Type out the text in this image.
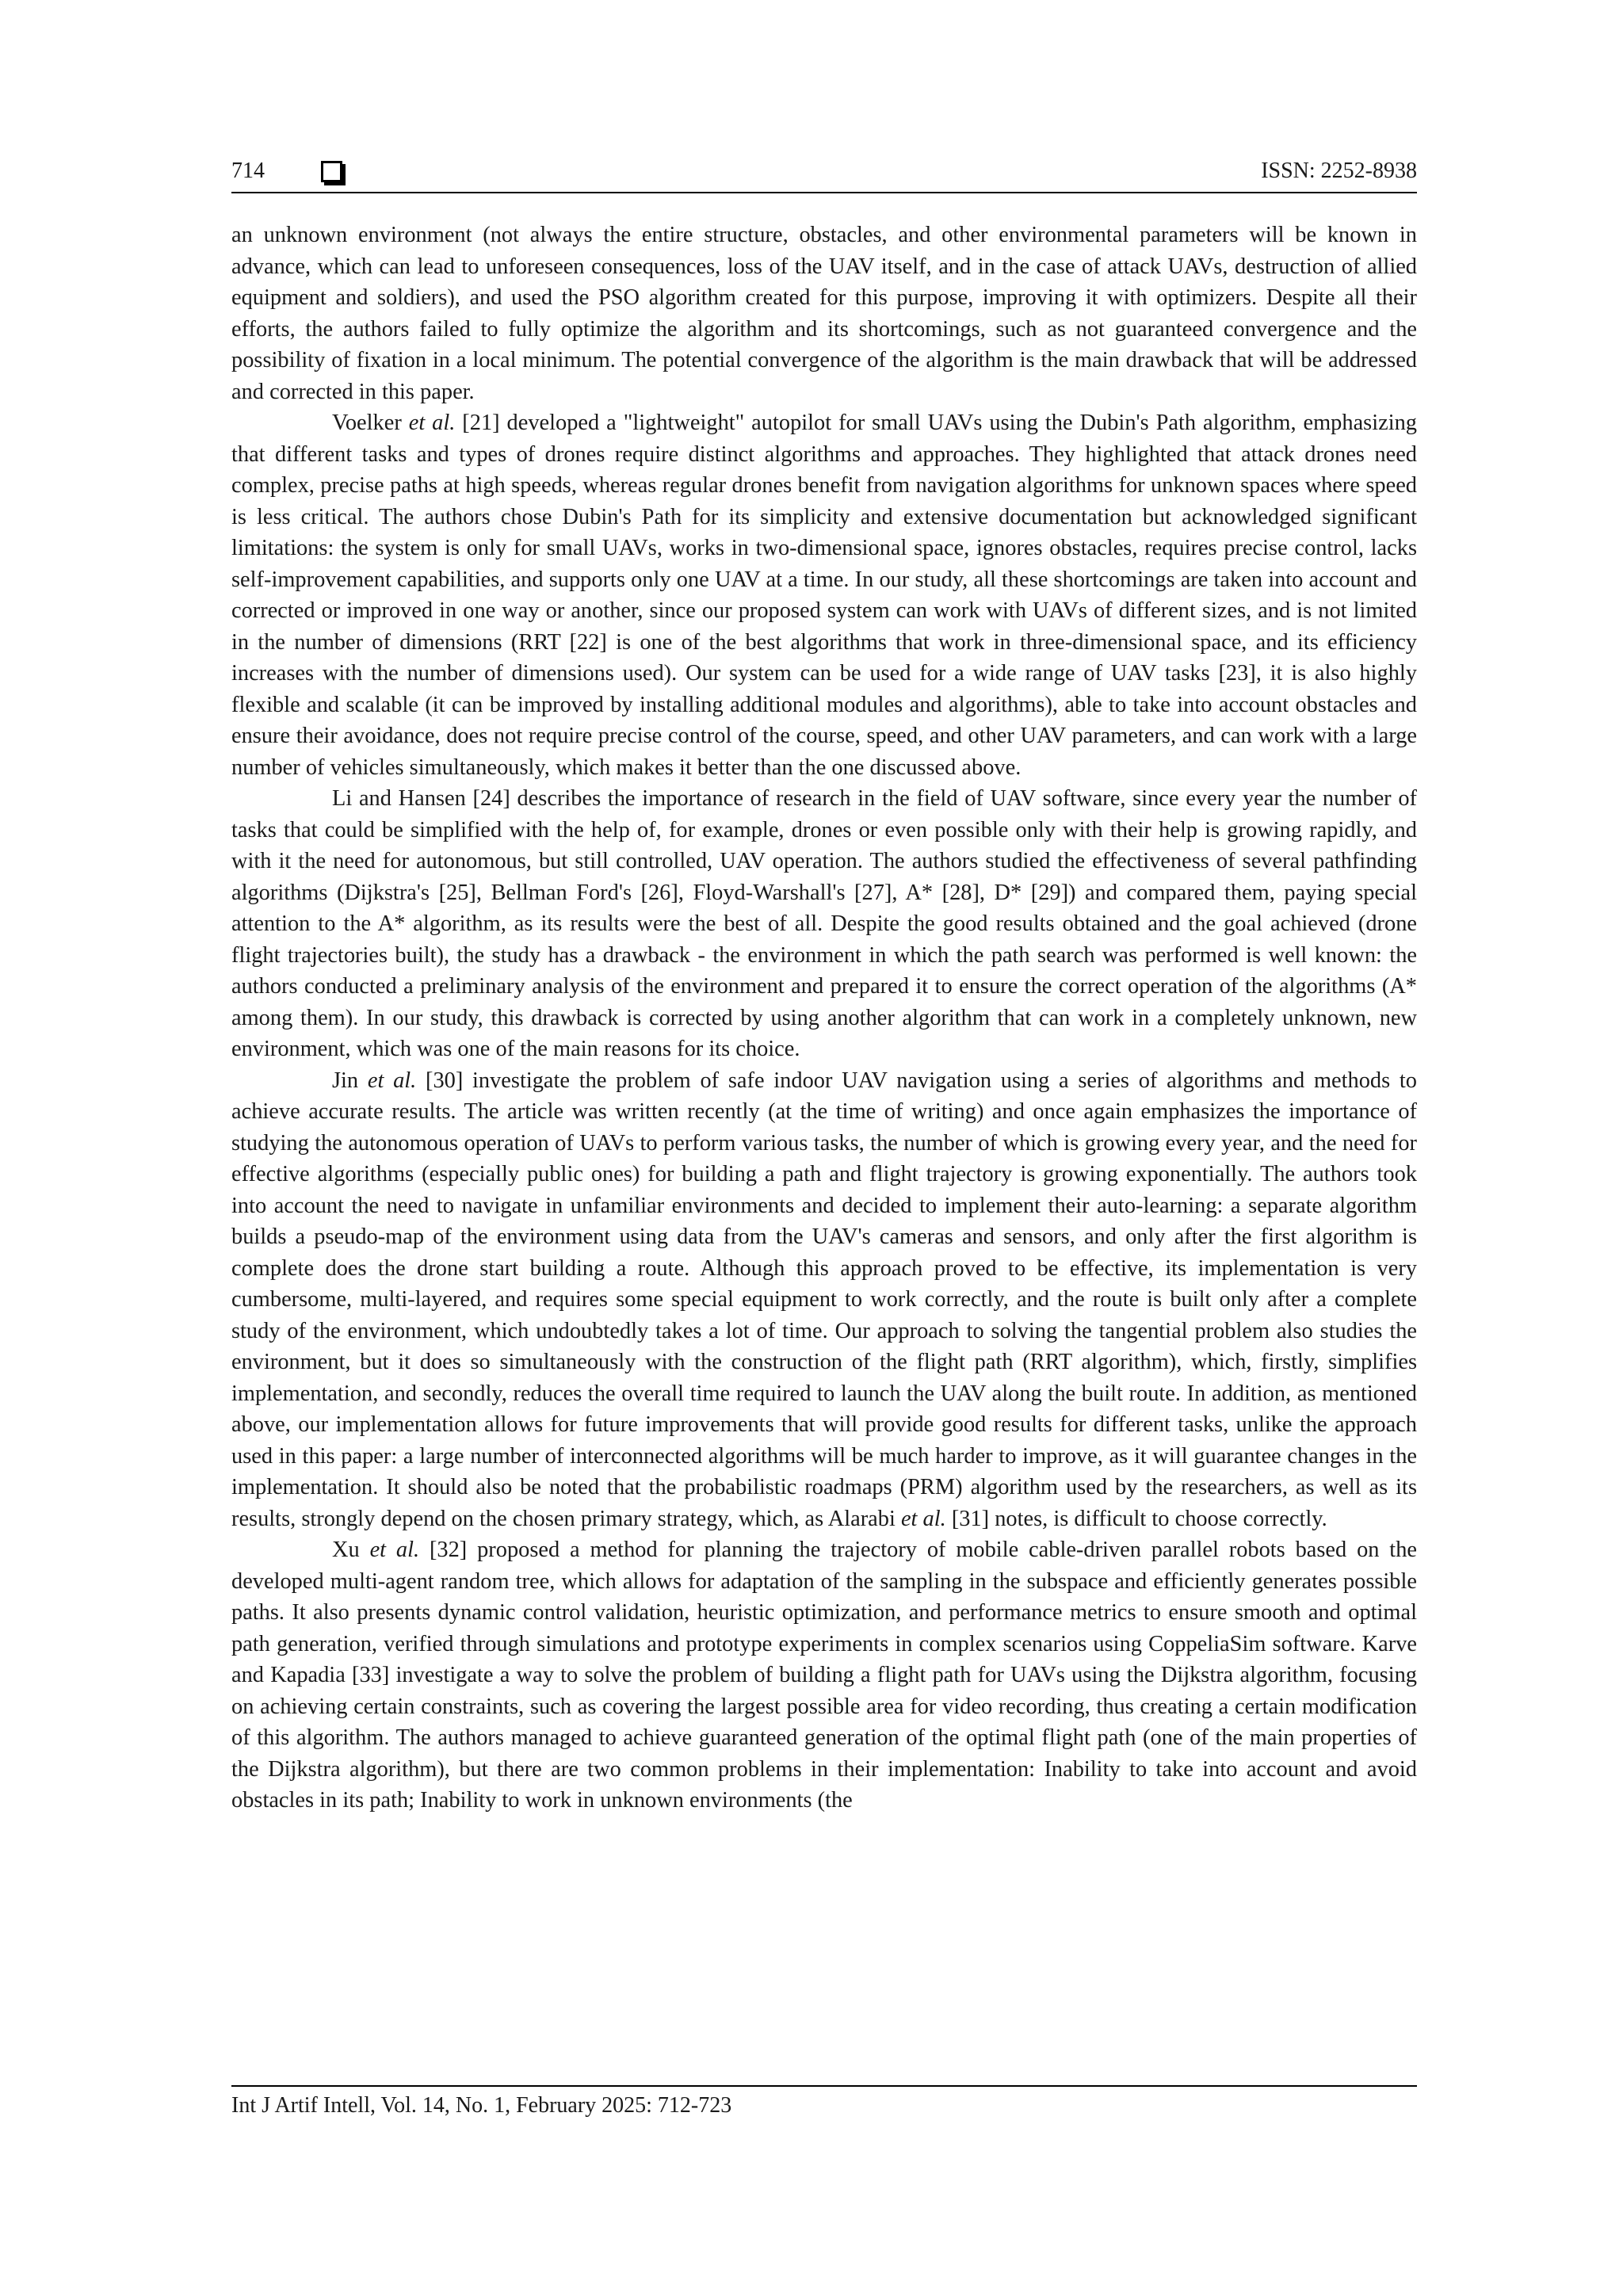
714	ISSN: 2252-8938

an unknown environment (not always the entire structure, obstacles, and other environmental parameters will be known in advance, which can lead to unforeseen consequences, loss of the UAV itself, and in the case of attack UAVs, destruction of allied equipment and soldiers), and used the PSO algorithm created for this purpose, improving it with optimizers. Despite all their efforts, the authors failed to fully optimize the algorithm and its shortcomings, such as not guaranteed convergence and the possibility of fixation in a local minimum. The potential convergence of the algorithm is the main drawback that will be addressed and corrected in this paper.

Voelker et al. [21] developed a "lightweight" autopilot for small UAVs using the Dubin's Path algorithm, emphasizing that different tasks and types of drones require distinct algorithms and approaches. They highlighted that attack drones need complex, precise paths at high speeds, whereas regular drones benefit from navigation algorithms for unknown spaces where speed is less critical. The authors chose Dubin's Path for its simplicity and extensive documentation but acknowledged significant limitations: the system is only for small UAVs, works in two-dimensional space, ignores obstacles, requires precise control, lacks self-improvement capabilities, and supports only one UAV at a time. In our study, all these shortcomings are taken into account and corrected or improved in one way or another, since our proposed system can work with UAVs of different sizes, and is not limited in the number of dimensions (RRT [22] is one of the best algorithms that work in three-dimensional space, and its efficiency increases with the number of dimensions used). Our system can be used for a wide range of UAV tasks [23], it is also highly flexible and scalable (it can be improved by installing additional modules and algorithms), able to take into account obstacles and ensure their avoidance, does not require precise control of the course, speed, and other UAV parameters, and can work with a large number of vehicles simultaneously, which makes it better than the one discussed above.

Li and Hansen [24] describes the importance of research in the field of UAV software, since every year the number of tasks that could be simplified with the help of, for example, drones or even possible only with their help is growing rapidly, and with it the need for autonomous, but still controlled, UAV operation. The authors studied the effectiveness of several pathfinding algorithms (Dijkstra's [25], Bellman Ford's [26], Floyd-Warshall's [27], A* [28], D* [29]) and compared them, paying special attention to the A* algorithm, as its results were the best of all. Despite the good results obtained and the goal achieved (drone flight trajectories built), the study has a drawback - the environment in which the path search was performed is well known: the authors conducted a preliminary analysis of the environment and prepared it to ensure the correct operation of the algorithms (A* among them). In our study, this drawback is corrected by using another algorithm that can work in a completely unknown, new environment, which was one of the main reasons for its choice.

Jin et al. [30] investigate the problem of safe indoor UAV navigation using a series of algorithms and methods to achieve accurate results. The article was written recently (at the time of writing) and once again emphasizes the importance of studying the autonomous operation of UAVs to perform various tasks, the number of which is growing every year, and the need for effective algorithms (especially public ones) for building a path and flight trajectory is growing exponentially. The authors took into account the need to navigate in unfamiliar environments and decided to implement their auto-learning: a separate algorithm builds a pseudo-map of the environment using data from the UAV's cameras and sensors, and only after the first algorithm is complete does the drone start building a route. Although this approach proved to be effective, its implementation is very cumbersome, multi-layered, and requires some special equipment to work correctly, and the route is built only after a complete study of the environment, which undoubtedly takes a lot of time. Our approach to solving the tangential problem also studies the environment, but it does so simultaneously with the construction of the flight path (RRT algorithm), which, firstly, simplifies implementation, and secondly, reduces the overall time required to launch the UAV along the built route. In addition, as mentioned above, our implementation allows for future improvements that will provide good results for different tasks, unlike the approach used in this paper: a large number of interconnected algorithms will be much harder to improve, as it will guarantee changes in the implementation. It should also be noted that the probabilistic roadmaps (PRM) algorithm used by the researchers, as well as its results, strongly depend on the chosen primary strategy, which, as Alarabi et al. [31] notes, is difficult to choose correctly.

Xu et al. [32] proposed a method for planning the trajectory of mobile cable-driven parallel robots based on the developed multi-agent random tree, which allows for adaptation of the sampling in the subspace and efficiently generates possible paths. It also presents dynamic control validation, heuristic optimization, and performance metrics to ensure smooth and optimal path generation, verified through simulations and prototype experiments in complex scenarios using CoppeliaSim software. Karve and Kapadia [33] investigate a way to solve the problem of building a flight path for UAVs using the Dijkstra algorithm, focusing on achieving certain constraints, such as covering the largest possible area for video recording, thus creating a certain modification of this algorithm. The authors managed to achieve guaranteed generation of the optimal flight path (one of the main properties of the Dijkstra algorithm), but there are two common problems in their implementation: Inability to take into account and avoid obstacles in its path; Inability to work in unknown environments (the

Int J Artif Intell, Vol. 14, No. 1, February 2025: 712-723
